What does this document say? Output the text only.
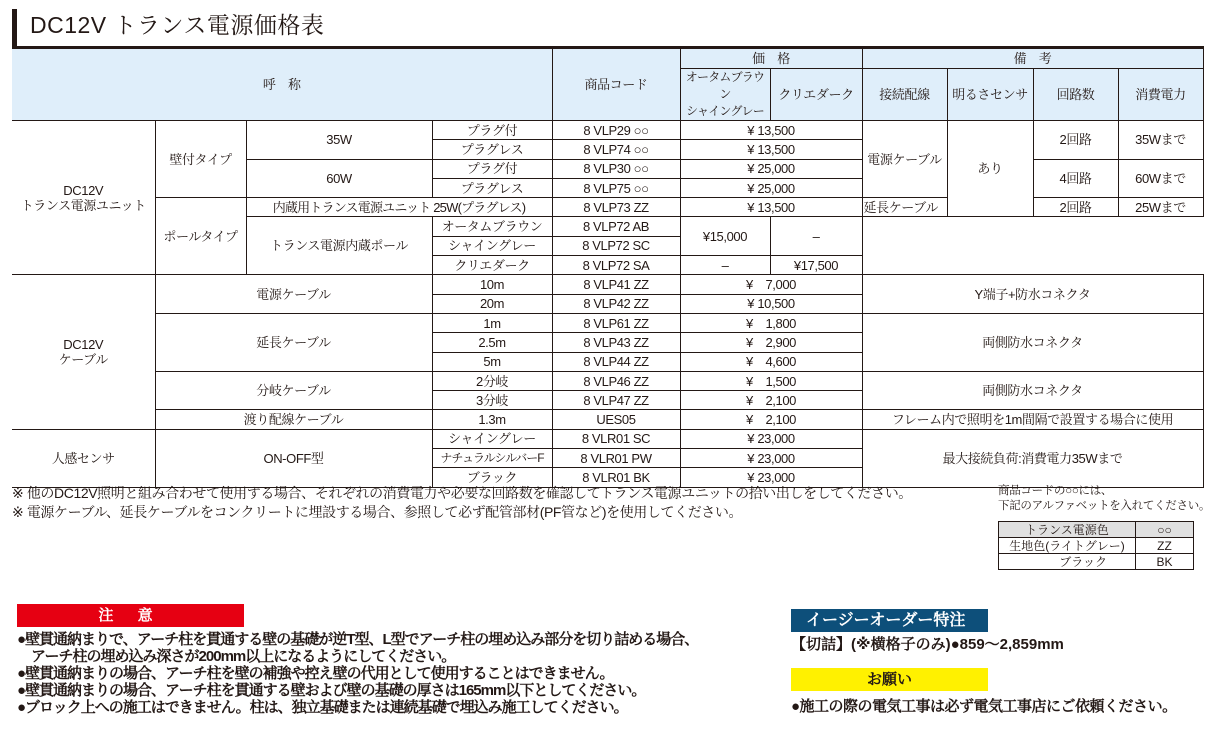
DC12V トランス電源価格表
呼　称				商品コード	価　格		備　考			
					オータムブラウン
シャイングレー	クリエダーク	接続配線	明るさセンサ	回路数	消費電力
DC12V
トランス電源ユニット	壁付タイプ	35W	プラグ付	8 VLP29 ○○	¥ 13,500		電源ケーブル	あり	2回路	35Wまで
			プラグレス	8 VLP74 ○○	¥ 13,500					
		60W	プラグ付	8 VLP30 ○○	¥ 25,000				4回路	60Wまで
			プラグレス	8 VLP75 ○○	¥ 25,000					
	ポールタイプ	内蔵用トランス電源ユニット 25W(プラグレス)		8 VLP73 ZZ	¥ 13,500		延長ケーブル		2回路	25Wまで
		トランス電源内蔵ポール	オータムブラウン	8 VLP72 AB	¥15,000	–				
			シャイングレー	8 VLP72 SC						
			クリエダーク	8 VLP72 SA	–	¥17,500				
DC12V
ケーブル	電源ケーブル		10m	8 VLP41 ZZ	¥　7,000		Y端子+防水コネクタ			
			20m	8 VLP42 ZZ	¥ 10,500					
	延長ケーブル		1m	8 VLP61 ZZ	¥　1,800		両側防水コネクタ			
			2.5m	8 VLP43 ZZ	¥　2,900					
			5m	8 VLP44 ZZ	¥　4,600					
	分岐ケーブル		2分岐	8 VLP46 ZZ	¥　1,500		両側防水コネクタ			
			3分岐	8 VLP47 ZZ	¥　2,100					
	渡り配線ケーブル		1.3m	UES05	¥　2,100		フレーム内で照明を1m間隔で設置する場合に使用			
人感センサ	ON-OFF型		シャイングレー	8 VLR01 SC	¥ 23,000		最大接続負荷:消費電力35Wまで			
			ナチュラルシルバーF	8 VLR01 PW	¥ 23,000					
			ブラック	8 VLR01 BK	¥ 23,000					
※ 他のDC12V照明と組み合わせて使用する場合、それぞれの消費電力や必要な回路数を確認してトランス電源ユニットの拾い出しをしてください。
※ 電源ケーブル、延長ケーブルをコンクリートに埋設する場合、参照して必ず配管部材(PF管など)を使用してください。
商品コードの○○には、
下記のアルファベットを入れてください。
トランス電源色	○○
生地色(ライトグレー)	ZZ
ブラック	BK
注 意
●壁貫通納まりで、アーチ柱を貫通する壁の基礎が逆T型、L型でアーチ柱の埋め込み部分を切り詰める場合、
　アーチ柱の埋め込み深さが200mm以上になるようにしてください。
●壁貫通納まりの場合、アーチ柱を壁の補強や控え壁の代用として使用することはできません。
●壁貫通納まりの場合、アーチ柱を貫通する壁および壁の基礎の厚さは165mm以下としてください。
●ブロック上への施工はできません。柱は、独立基礎または連続基礎で埋込み施工してください。
イージーオーダー特注
【切詰】(※横格子のみ)●859～2,859mm
お願い
●施工の際の電気工事は必ず電気工事店にご依頼ください。
